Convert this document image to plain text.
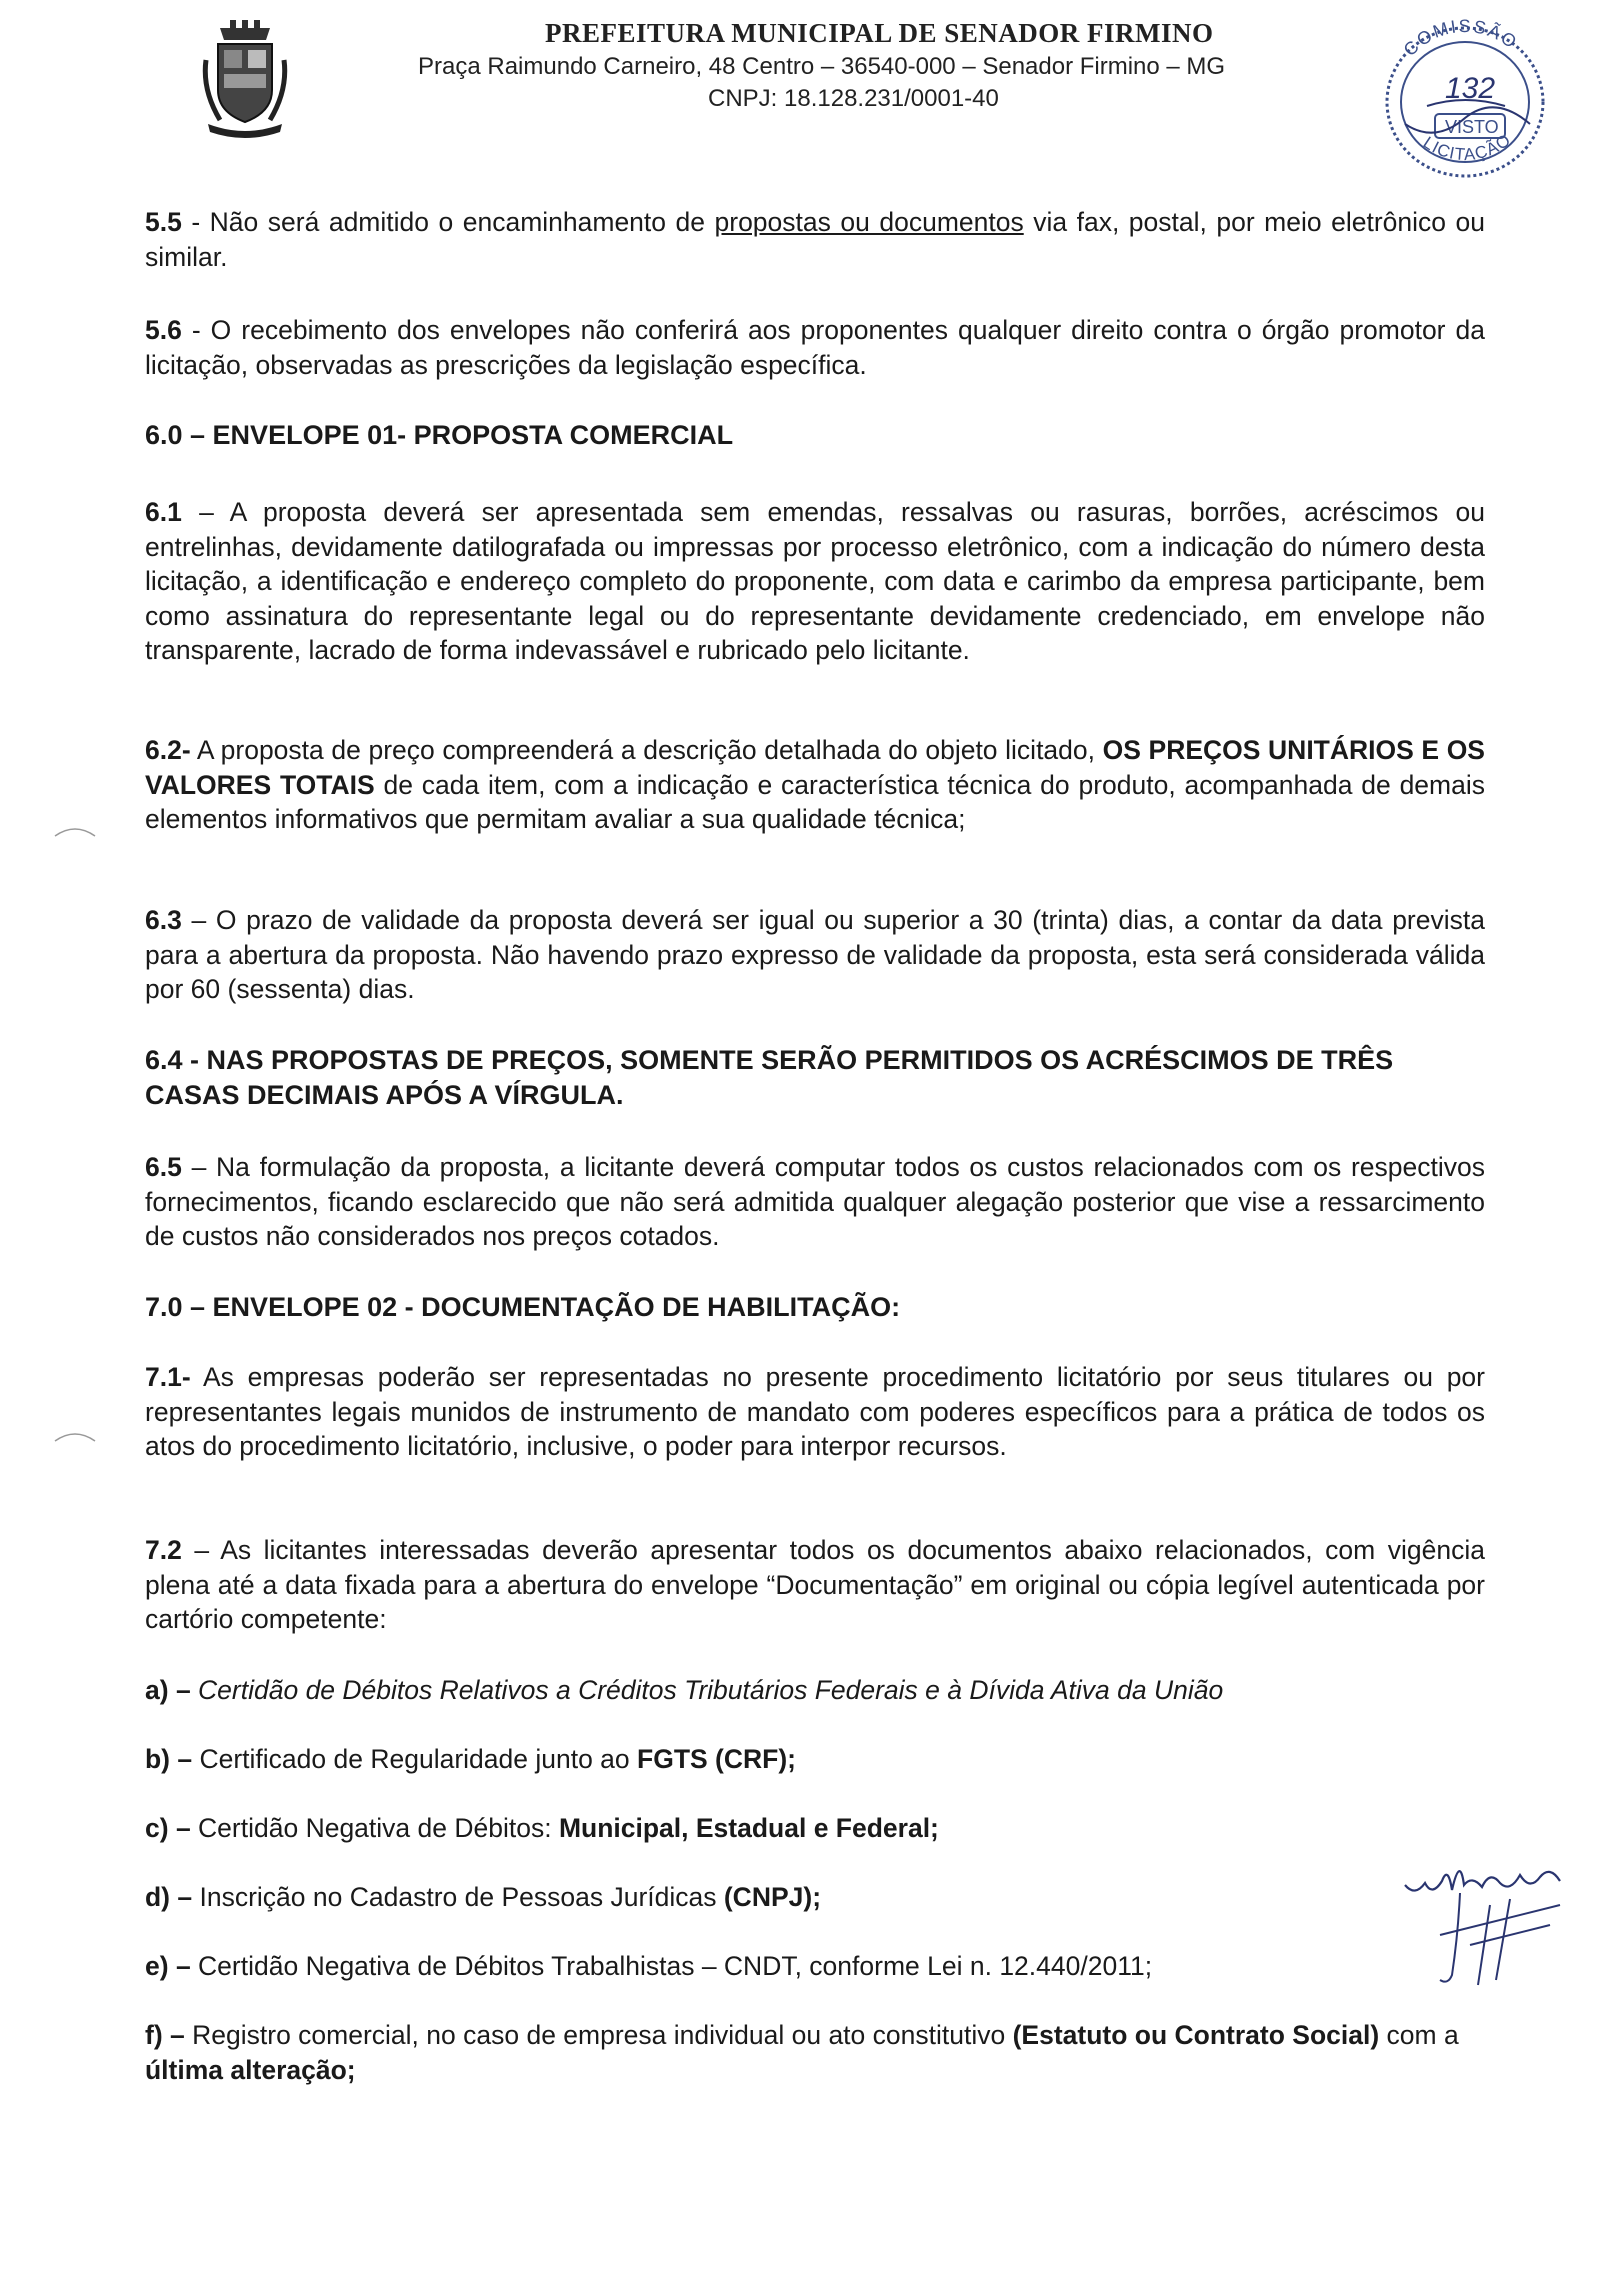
PREFEITURA MUNICIPAL DE SENADOR FIRMINO
Praça Raimundo Carneiro, 48 Centro – 36540-000 – Senador Firmino – MG
CNPJ: 18.128.231/0001-40
COMISSÃO
132
VISTO
LICITAÇÃO
5.5 - Não será admitido o encaminhamento de propostas ou documentos via fax, postal, por meio eletrônico ou similar.
5.6 - O recebimento dos envelopes não conferirá aos proponentes qualquer direito contra o órgão promotor da licitação, observadas as prescrições da legislação específica.
6.0 – ENVELOPE 01- PROPOSTA COMERCIAL
6.1 – A proposta deverá ser apresentada sem emendas, ressalvas ou rasuras, borrões, acréscimos ou entrelinhas, devidamente datilografada ou impressas por processo eletrônico, com a indicação do número desta licitação, a identificação e endereço completo do proponente, com data e carimbo da empresa participante, bem como assinatura do representante legal ou do representante devidamente credenciado, em envelope não transparente, lacrado de forma indevassável e rubricado pelo licitante.
6.2- A proposta de preço compreenderá a descrição detalhada do objeto licitado, OS PREÇOS UNITÁRIOS E OS VALORES TOTAIS de cada item, com a indicação e característica técnica do produto, acompanhada de demais elementos informativos que permitam avaliar a sua qualidade técnica;
6.3 – O prazo de validade da proposta deverá ser igual ou superior a 30 (trinta) dias, a contar da data prevista para a abertura da proposta. Não havendo prazo expresso de validade da proposta, esta será considerada válida por 60 (sessenta) dias.
6.4 - NAS PROPOSTAS DE PREÇOS, SOMENTE SERÃO PERMITIDOS OS ACRÉSCIMOS DE TRÊS CASAS DECIMAIS APÓS A VÍRGULA.
6.5 – Na formulação da proposta, a licitante deverá computar todos os custos relacionados com os respectivos fornecimentos, ficando esclarecido que não será admitida qualquer alegação posterior que vise a ressarcimento de custos não considerados nos preços cotados.
7.0 – ENVELOPE 02 - DOCUMENTAÇÃO DE HABILITAÇÃO:
7.1- As empresas poderão ser representadas no presente procedimento licitatório por seus titulares ou por representantes legais munidos de instrumento de mandato com poderes específicos para a prática de todos os atos do procedimento licitatório, inclusive, o poder para interpor recursos.
7.2 – As licitantes interessadas deverão apresentar todos os documentos abaixo relacionados, com vigência plena até a data fixada para a abertura do envelope “Documentação” em original ou cópia legível autenticada por cartório competente:
a) – Certidão de Débitos Relativos a Créditos Tributários Federais e à Dívida Ativa da União
b) – Certificado de Regularidade junto ao FGTS (CRF);
c) – Certidão Negativa de Débitos: Municipal, Estadual e Federal;
d) – Inscrição no Cadastro de Pessoas Jurídicas (CNPJ);
e) – Certidão Negativa de Débitos Trabalhistas – CNDT, conforme Lei n. 12.440/2011;
f) – Registro comercial, no caso de empresa individual ou ato constitutivo (Estatuto ou Contrato Social) com a última alteração;
